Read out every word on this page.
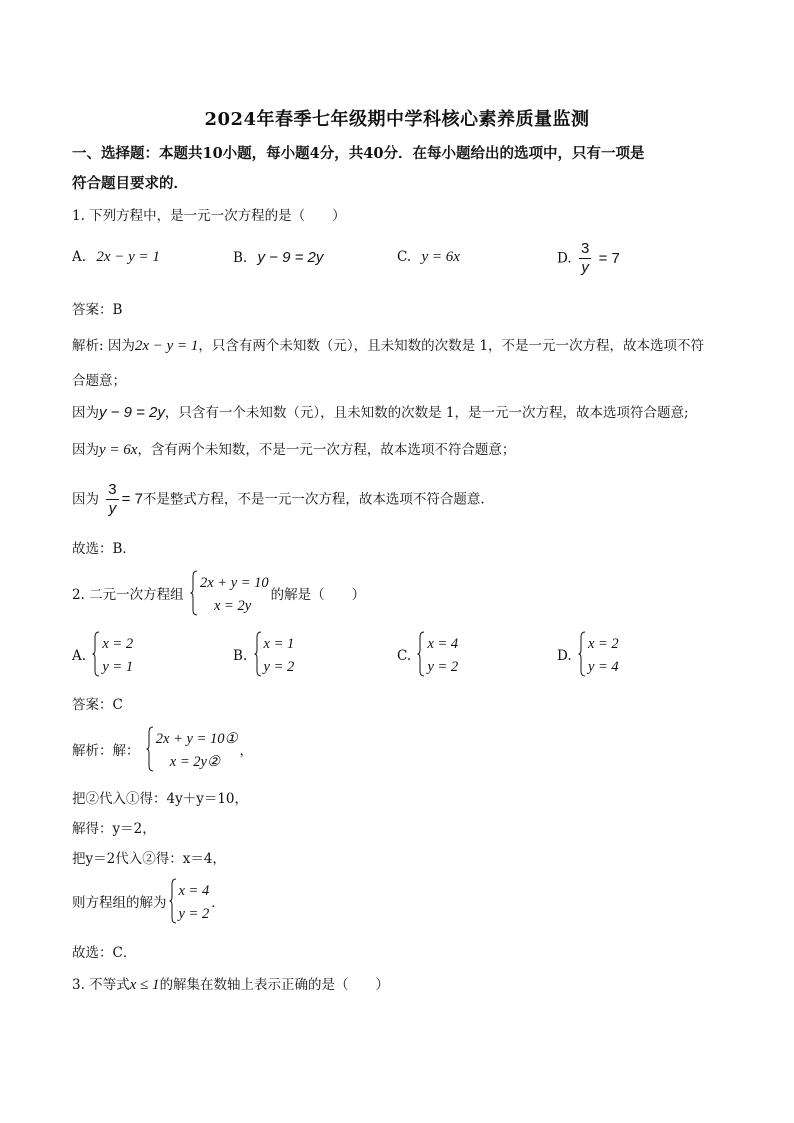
2024年春季七年级期中学科核心素养质量监测
一、选择题：本题共10小题，每小题4分，共40分．在每小题给出的选项中，只有一项是
符合题目要求的．
1. 下列方程中，是一元一次方程的是（　　）
A. 2x − y = 1	B. y − 9 = 2y	C. y = 6x	D. $\frac{3}{y} = 7$
答案：B
解析: 因为2x − y = 1，只含有两个未知数（元），且未知数的次数是 1，不是一元一次方程，故本选项不符
合题意；
因为y − 9 = 2y，只含有一个未知数（元），且未知数的次数是 1，是一元一次方程，故本选项符合题意;
因为y = 6x，含有两个未知数，不是一元一次方程，故本选项不符合题意；
因为 $\frac{3}{y} = 7$不是整式方程，不是一元一次方程，故本选项不符合题意.
故选：B．
2. 二元一次方程组
2x + y = 10
x = 2y
的解是（　　）
A.
x = 2
y = 1
B.
x = 1
y = 2
C.
x = 4
y = 2
D.
x = 2
y = 4
答案：C
解析：解：
2x + y = 10①
x = 2y②
，
把②代入①得：4y＋y＝10，
解得：y＝2，
把y＝2代入②得：x＝4，
则方程组的解为
x = 4
y = 2
．
故选：C．
3. 不等式x ≤ 1的解集在数轴上表示正确的是（　　）
